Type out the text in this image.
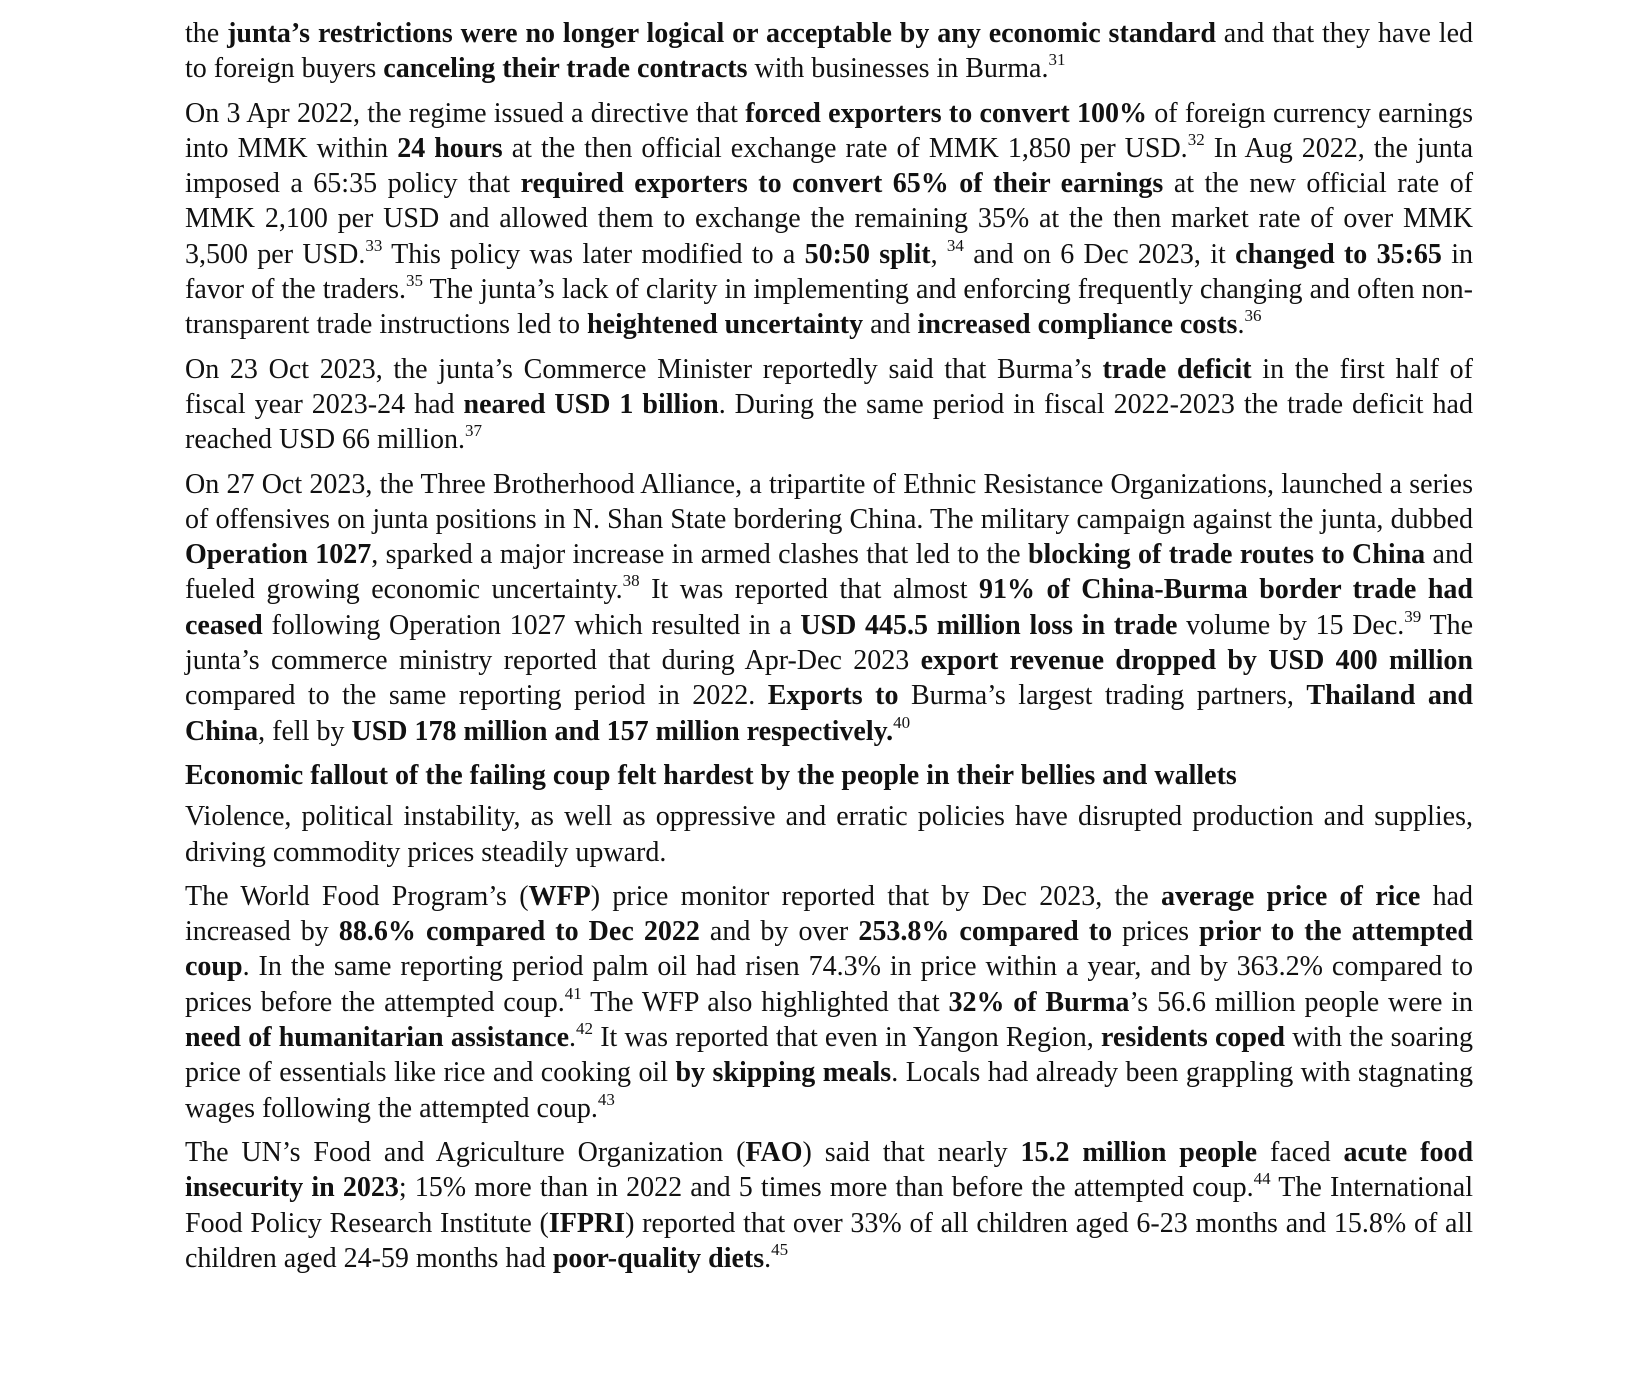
the junta’s restrictions were no longer logical or acceptable by any economic standard and that they have led to foreign buyers canceling their trade contracts with businesses in Burma.$^{31}$

On 3 Apr 2022, the regime issued a directive that forced exporters to convert 100% of foreign currency earnings into MMK within 24 hours at the then official exchange rate of MMK 1,850 per USD.$^{32}$ In Aug 2022, the junta imposed a 65:35 policy that required exporters to convert 65% of their earnings at the new official rate of MMK 2,100 per USD and allowed them to exchange the remaining 35% at the then market rate of over MMK 3,500 per USD.$^{33}$ This policy was later modified to a 50:50 split, $^{34}$ and on 6 Dec 2023, it changed to 35:65 in favor of the traders.$^{35}$ The junta’s lack of clarity in implementing and enforcing frequently changing and often non-transparent trade instructions led to heightened uncertainty and increased compliance costs.$^{36}$

On 23 Oct 2023, the junta’s Commerce Minister reportedly said that Burma’s trade deficit in the first half of fiscal year 2023-24 had neared USD 1 billion. During the same period in fiscal 2022-2023 the trade deficit had reached USD 66 million.$^{37}$

On 27 Oct 2023, the Three Brotherhood Alliance, a tripartite of Ethnic Resistance Organizations, launched a series of offensives on junta positions in N. Shan State bordering China. The military campaign against the junta, dubbed Operation 1027, sparked a major increase in armed clashes that led to the blocking of trade routes to China and fueled growing economic uncertainty.$^{38}$ It was reported that almost 91% of China-Burma border trade had ceased following Operation 1027 which resulted in a USD 445.5 million loss in trade volume by 15 Dec.$^{39}$ The junta’s commerce ministry reported that during Apr-Dec 2023 export revenue dropped by USD 400 million compared to the same reporting period in 2022. Exports to Burma’s largest trading partners, Thailand and China, fell by USD 178 million and 157 million respectively.$^{40}$

Economic fallout of the failing coup felt hardest by the people in their bellies and wallets

Violence, political instability, as well as oppressive and erratic policies have disrupted production and supplies, driving commodity prices steadily upward.

The World Food Program’s (WFP) price monitor reported that by Dec 2023, the average price of rice had increased by 88.6% compared to Dec 2022 and by over 253.8% compared to prices prior to the attempted coup. In the same reporting period palm oil had risen 74.3% in price within a year, and by 363.2% compared to prices before the attempted coup.$^{41}$ The WFP also highlighted that 32% of Burma’s 56.6 million people were in need of humanitarian assistance.$^{42}$ It was reported that even in Yangon Region, residents coped with the soaring price of essentials like rice and cooking oil by skipping meals. Locals had already been grappling with stagnating wages following the attempted coup.$^{43}$

The UN’s Food and Agriculture Organization (FAO) said that nearly 15.2 million people faced acute food insecurity in 2023; 15% more than in 2022 and 5 times more than before the attempted coup.$^{44}$ The International Food Policy Research Institute (IFPRI) reported that over 33% of all children aged 6-23 months and 15.8% of all children aged 24-59 months had poor-quality diets.$^{45}$
